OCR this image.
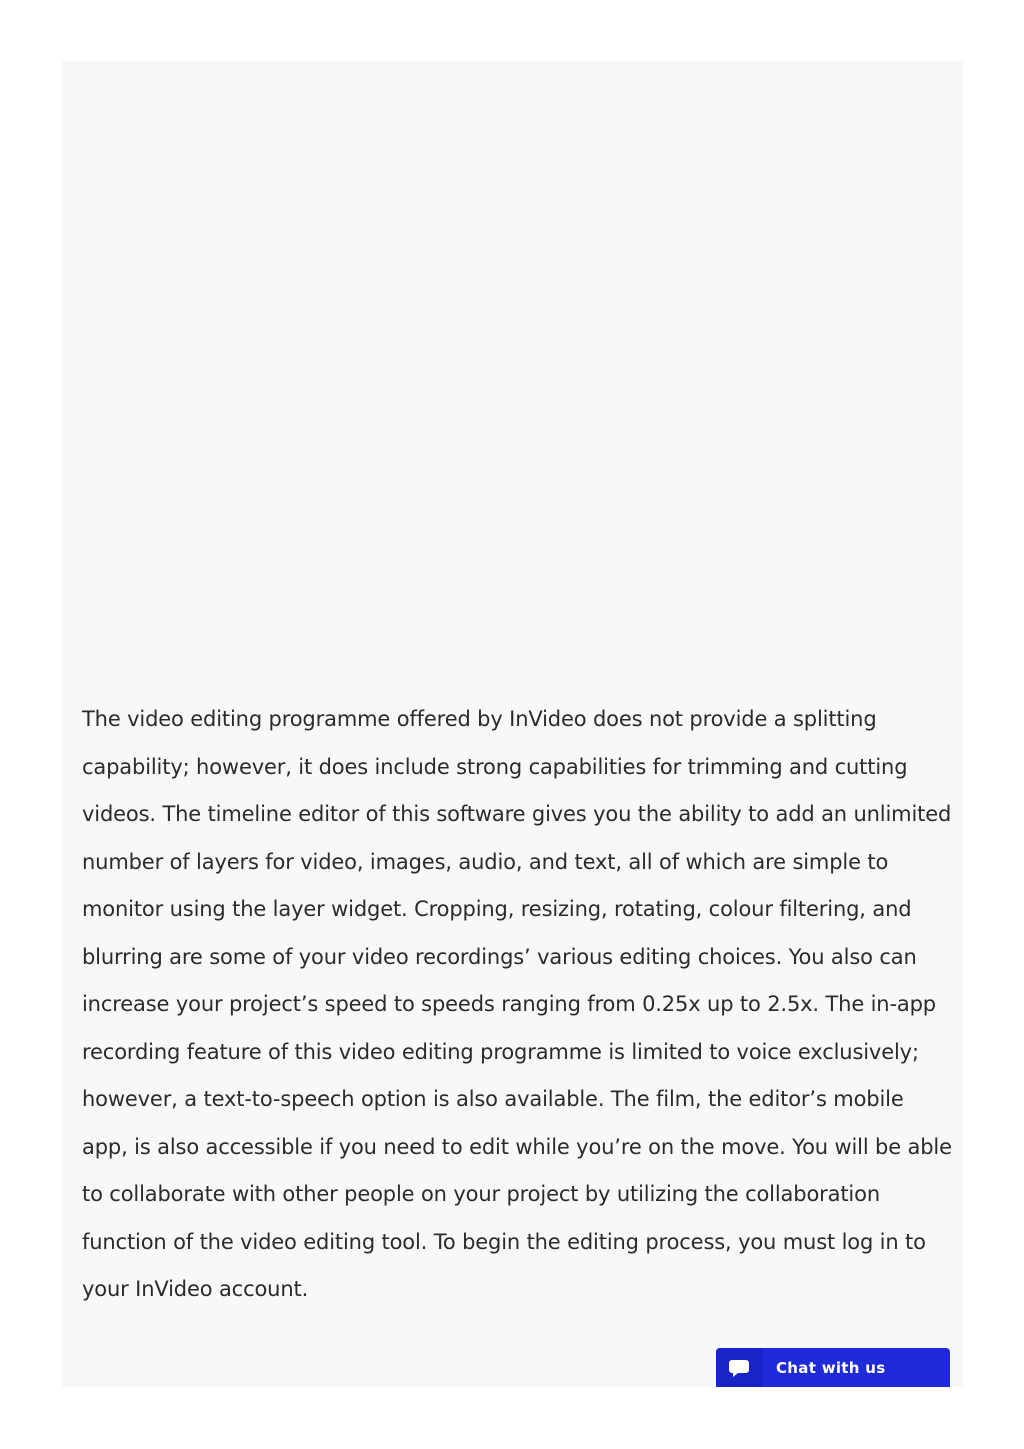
The video editing programme offered by InVideo does not provide a splitting capability; however, it does include strong capabilities for trimming and cutting videos. The timeline editor of this software gives you the ability to add an unlimited number of layers for video, images, audio, and text, all of which are simple to monitor using the layer widget. Cropping, resizing, rotating, colour filtering, and blurring are some of your video recordings’ various editing choices. You also can increase your project’s speed to speeds ranging from 0.25x up to 2.5x. The in-app recording feature of this video editing programme is limited to voice exclusively; however, a text-to-speech option is also available. The film, the editor’s mobile app, is also accessible if you need to edit while you’re on the move. You will be able to collaborate with other people on your project by utilizing the collaboration function of the video editing tool. To begin the editing process, you must log in to your InVideo account.

Chat with us
